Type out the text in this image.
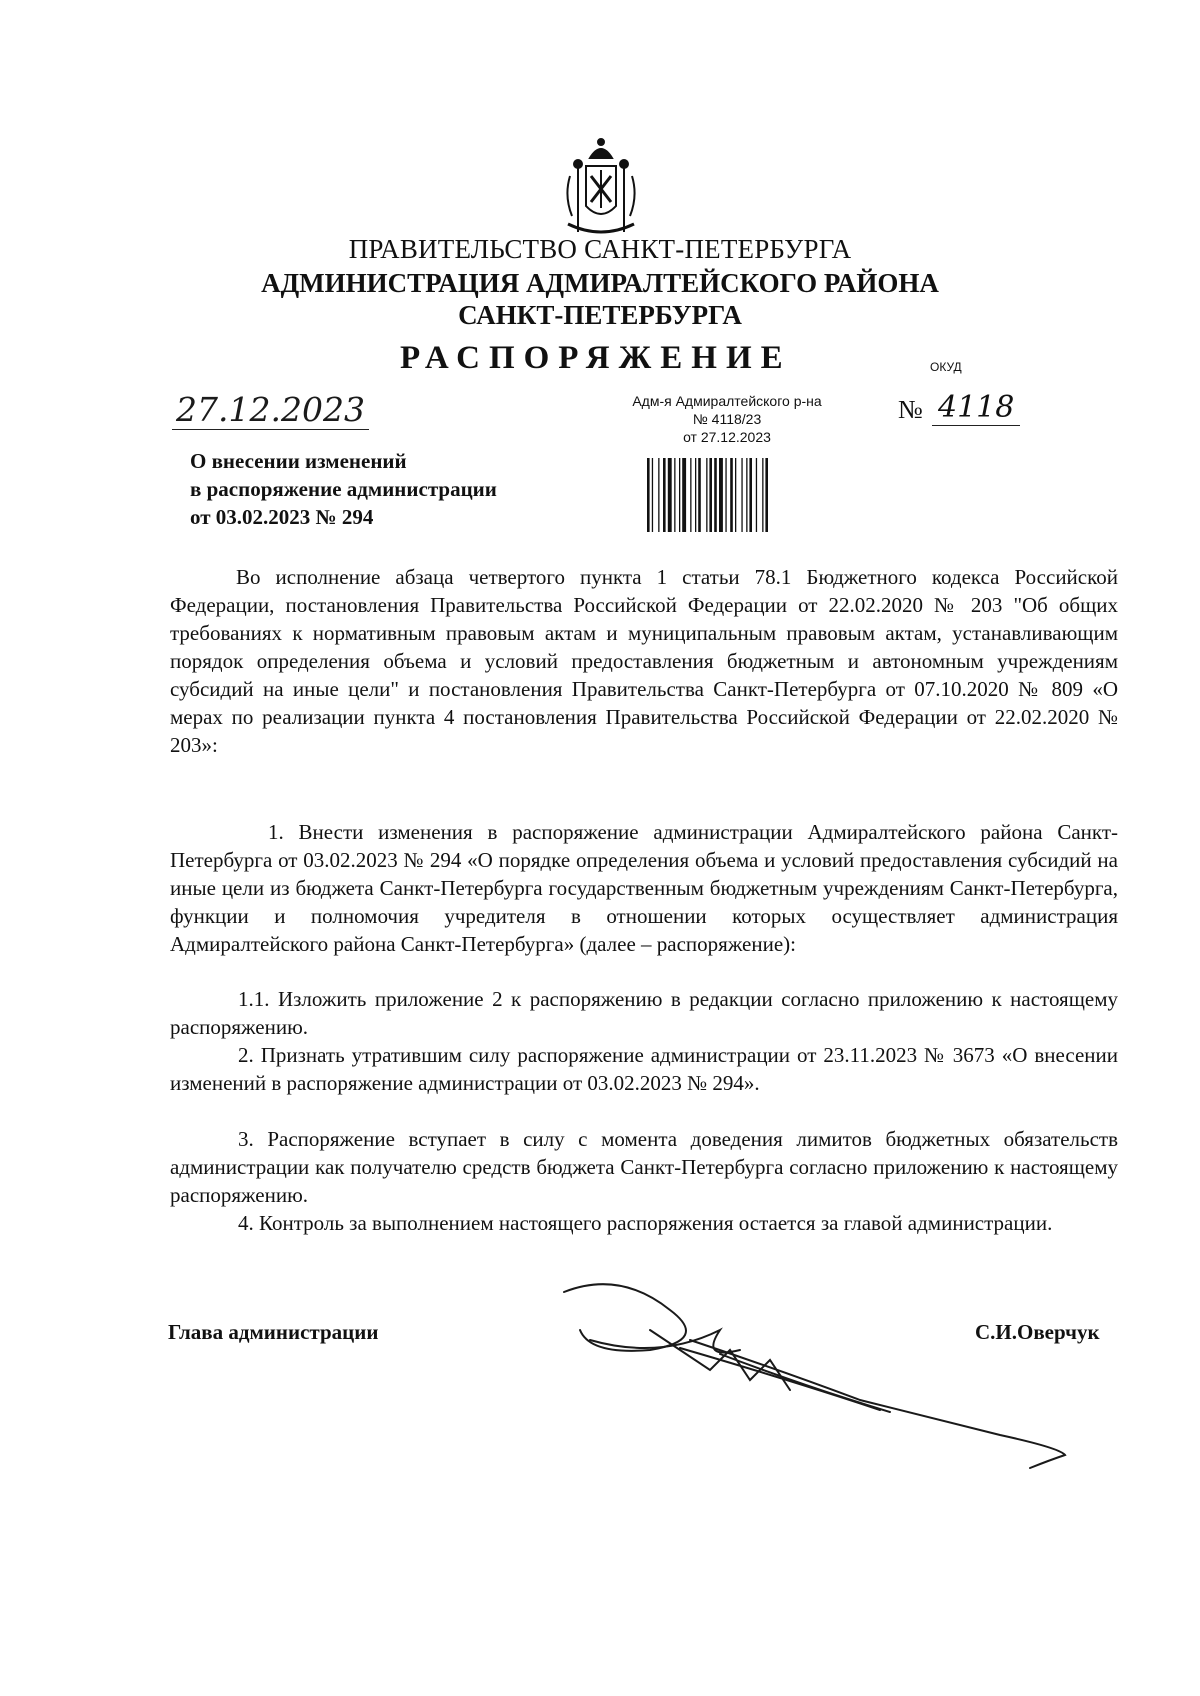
ПРАВИТЕЛЬСТВО САНКТ-ПЕТЕРБУРГА
АДМИНИСТРАЦИЯ АДМИРАЛТЕЙСКОГО РАЙОНА
САНКТ-ПЕТЕРБУРГА
РАСПОРЯЖЕНИЕ	ОКУД
27.12.2023	Адм-я Адмиралтейского р-на
№ 4118/23
от 27.12.2023
№ 4118
О внесении изменений
в распоряжение администрации
от 03.02.2023 № 294
Во исполнение абзаца четвертого пункта 1 статьи 78.1 Бюджетного кодекса Российской Федерации, постановления Правительства Российской Федерации от 22.02.2020 № 203 "Об общих требованиях к нормативным правовым актам и муниципальным правовым актам, устанавливающим порядок определения объема и условий предоставления бюджетным и автономным учреждениям субсидий на иные цели" и постановления Правительства Санкт-Петербурга от 07.10.2020 № 809 «О мерах по реализации пункта 4 постановления Правительства Российской Федерации от 22.02.2020 № 203»:
1. Внести изменения в распоряжение администрации Адмиралтейского района Санкт-Петербурга от 03.02.2023 № 294 «О порядке определения объема и условий предоставления субсидий на иные цели из бюджета Санкт-Петербурга государственным бюджетным учреждениям Санкт-Петербурга, функции и полномочия учредителя в отношении которых осуществляет администрация Адмиралтейского района Санкт-Петербурга» (далее – распоряжение):
1.1. Изложить приложение 2 к распоряжению в редакции согласно приложению к настоящему распоряжению.
2. Признать утратившим силу распоряжение администрации от 23.11.2023 № 3673 «О внесении изменений в распоряжение администрации от 03.02.2023 № 294».
3. Распоряжение вступает в силу с момента доведения лимитов бюджетных обязательств администрации как получателю средств бюджета Санкт-Петербурга согласно приложению к настоящему распоряжению.
4. Контроль за выполнением настоящего распоряжения остается за главой администрации.
Глава администрации	С.И.Оверчук
